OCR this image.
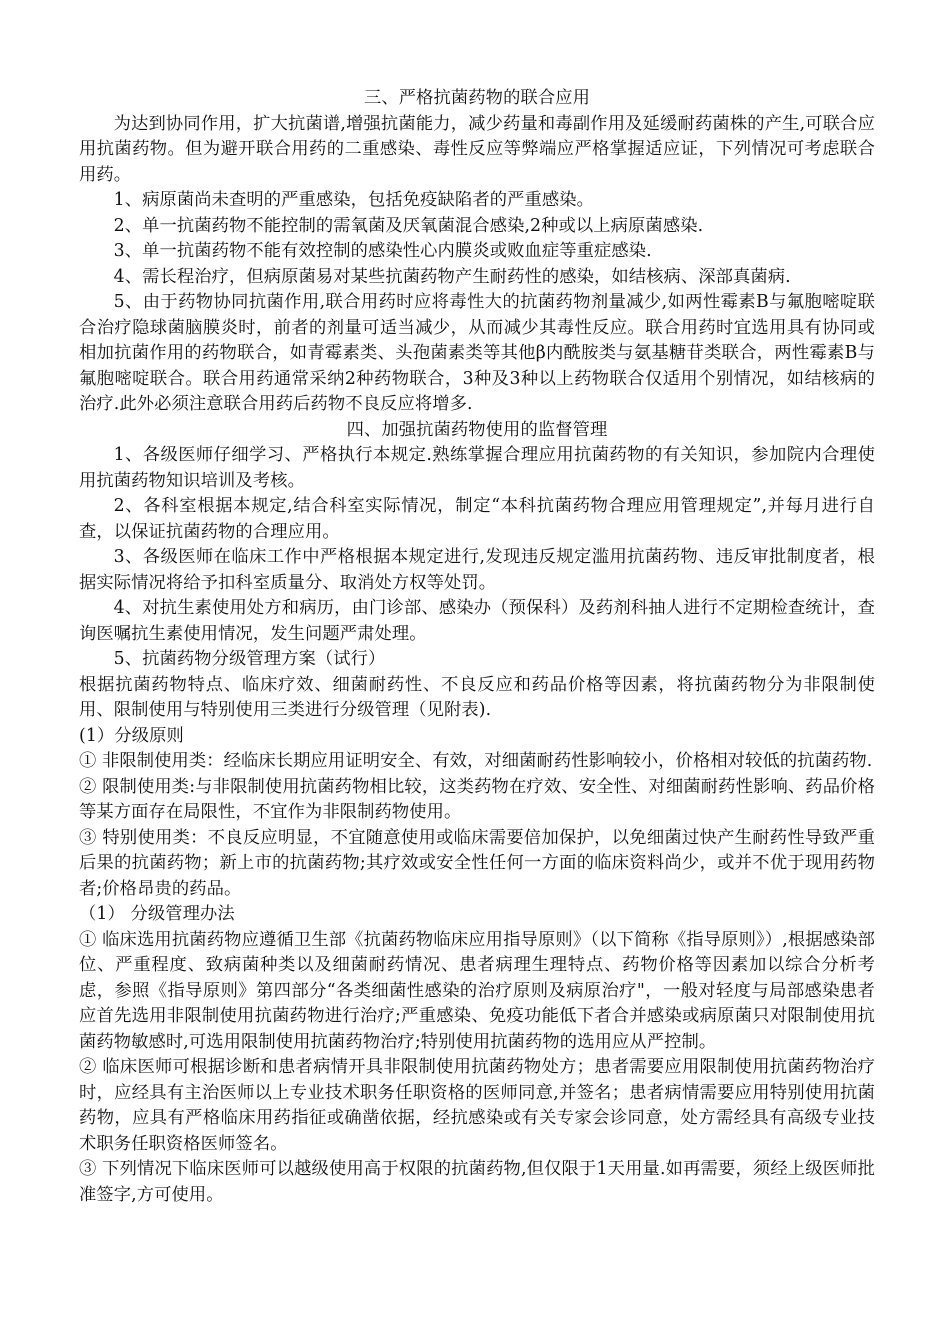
三、严格抗菌药物的联合应用

为达到协同作用，扩大抗菌谱,增强抗菌能力，减少药量和毒副作用及延缓耐药菌株的产生,可联合应用抗菌药物。但为避开联合用药的二重感染、毒性反应等弊端应严格掌握适应证，下列情况可考虑联合用药。

1、病原菌尚未查明的严重感染，包括免疫缺陷者的严重感染。

2、单一抗菌药物不能控制的需氧菌及厌氧菌混合感染,2种或以上病原菌感染.

3、单一抗菌药物不能有效控制的感染性心内膜炎或败血症等重症感染.

4、需长程治疗，但病原菌易对某些抗菌药物产生耐药性的感染，如结核病、深部真菌病.

5、由于药物协同抗菌作用,联合用药时应将毒性大的抗菌药物剂量减少,如两性霉素B与氟胞嘧啶联合治疗隐球菌脑膜炎时，前者的剂量可适当减少，从而减少其毒性反应。联合用药时宜选用具有协同或相加抗菌作用的药物联合，如青霉素类、头孢菌素类等其他β内酰胺类与氨基糖苷类联合，两性霉素B与氟胞嘧啶联合。联合用药通常采纳2种药物联合，3种及3种以上药物联合仅适用个别情况，如结核病的治疗.此外必须注意联合用药后药物不良反应将增多.

四、加强抗菌药物使用的监督管理

1、各级医师仔细学习、严格执行本规定.熟练掌握合理应用抗菌药物的有关知识，参加院内合理使用抗菌药物知识培训及考核。

2、各科室根据本规定,结合科室实际情况，制定“本科抗菌药物合理应用管理规定”,并每月进行自查，以保证抗菌药物的合理应用。

3、各级医师在临床工作中严格根据本规定进行,发现违反规定滥用抗菌药物、违反审批制度者，根据实际情况将给予扣科室质量分、取消处方权等处罚。

4、对抗生素使用处方和病历，由门诊部、感染办（预保科）及药剂科抽人进行不定期检查统计，查询医嘱抗生素使用情况，发生问题严肃处理。

5、抗菌药物分级管理方案（试行）

根据抗菌药物特点、临床疗效、细菌耐药性、不良反应和药品价格等因素，将抗菌药物分为非限制使用、限制使用与特别使用三类进行分级管理（见附表).

(1）分级原则

① 非限制使用类：经临床长期应用证明安全、有效，对细菌耐药性影响较小，价格相对较低的抗菌药物.

② 限制使用类:与非限制使用抗菌药物相比较，这类药物在疗效、安全性、对细菌耐药性影响、药品价格等某方面存在局限性，不宜作为非限制药物使用。

③ 特别使用类：不良反应明显，不宜随意使用或临床需要倍加保护，以免细菌过快产生耐药性导致严重后果的抗菌药物；新上市的抗菌药物;其疗效或安全性任何一方面的临床资料尚少，或并不优于现用药物者;价格昂贵的药品。

（1） 分级管理办法

① 临床选用抗菌药物应遵循卫生部《抗菌药物临床应用指导原则》（以下简称《指导原则》）,根据感染部位、严重程度、致病菌种类以及细菌耐药情况、患者病理生理特点、药物价格等因素加以综合分析考虑，参照《指导原则》第四部分“各类细菌性感染的治疗原则及病原治疗"，一般对轻度与局部感染患者应首先选用非限制使用抗菌药物进行治疗;严重感染、免疫功能低下者合并感染或病原菌只对限制使用抗菌药物敏感时,可选用限制使用抗菌药物治疗;特别使用抗菌药物的选用应从严控制。

② 临床医师可根据诊断和患者病情开具非限制使用抗菌药物处方；患者需要应用限制使用抗菌药物治疗时，应经具有主治医师以上专业技术职务任职资格的医师同意,并签名；患者病情需要应用特别使用抗菌药物，应具有严格临床用药指征或确凿依据，经抗感染或有关专家会诊同意，处方需经具有高级专业技术职务任职资格医师签名。

③ 下列情况下临床医师可以越级使用高于权限的抗菌药物,但仅限于1天用量.如再需要，须经上级医师批准签字,方可使用。
